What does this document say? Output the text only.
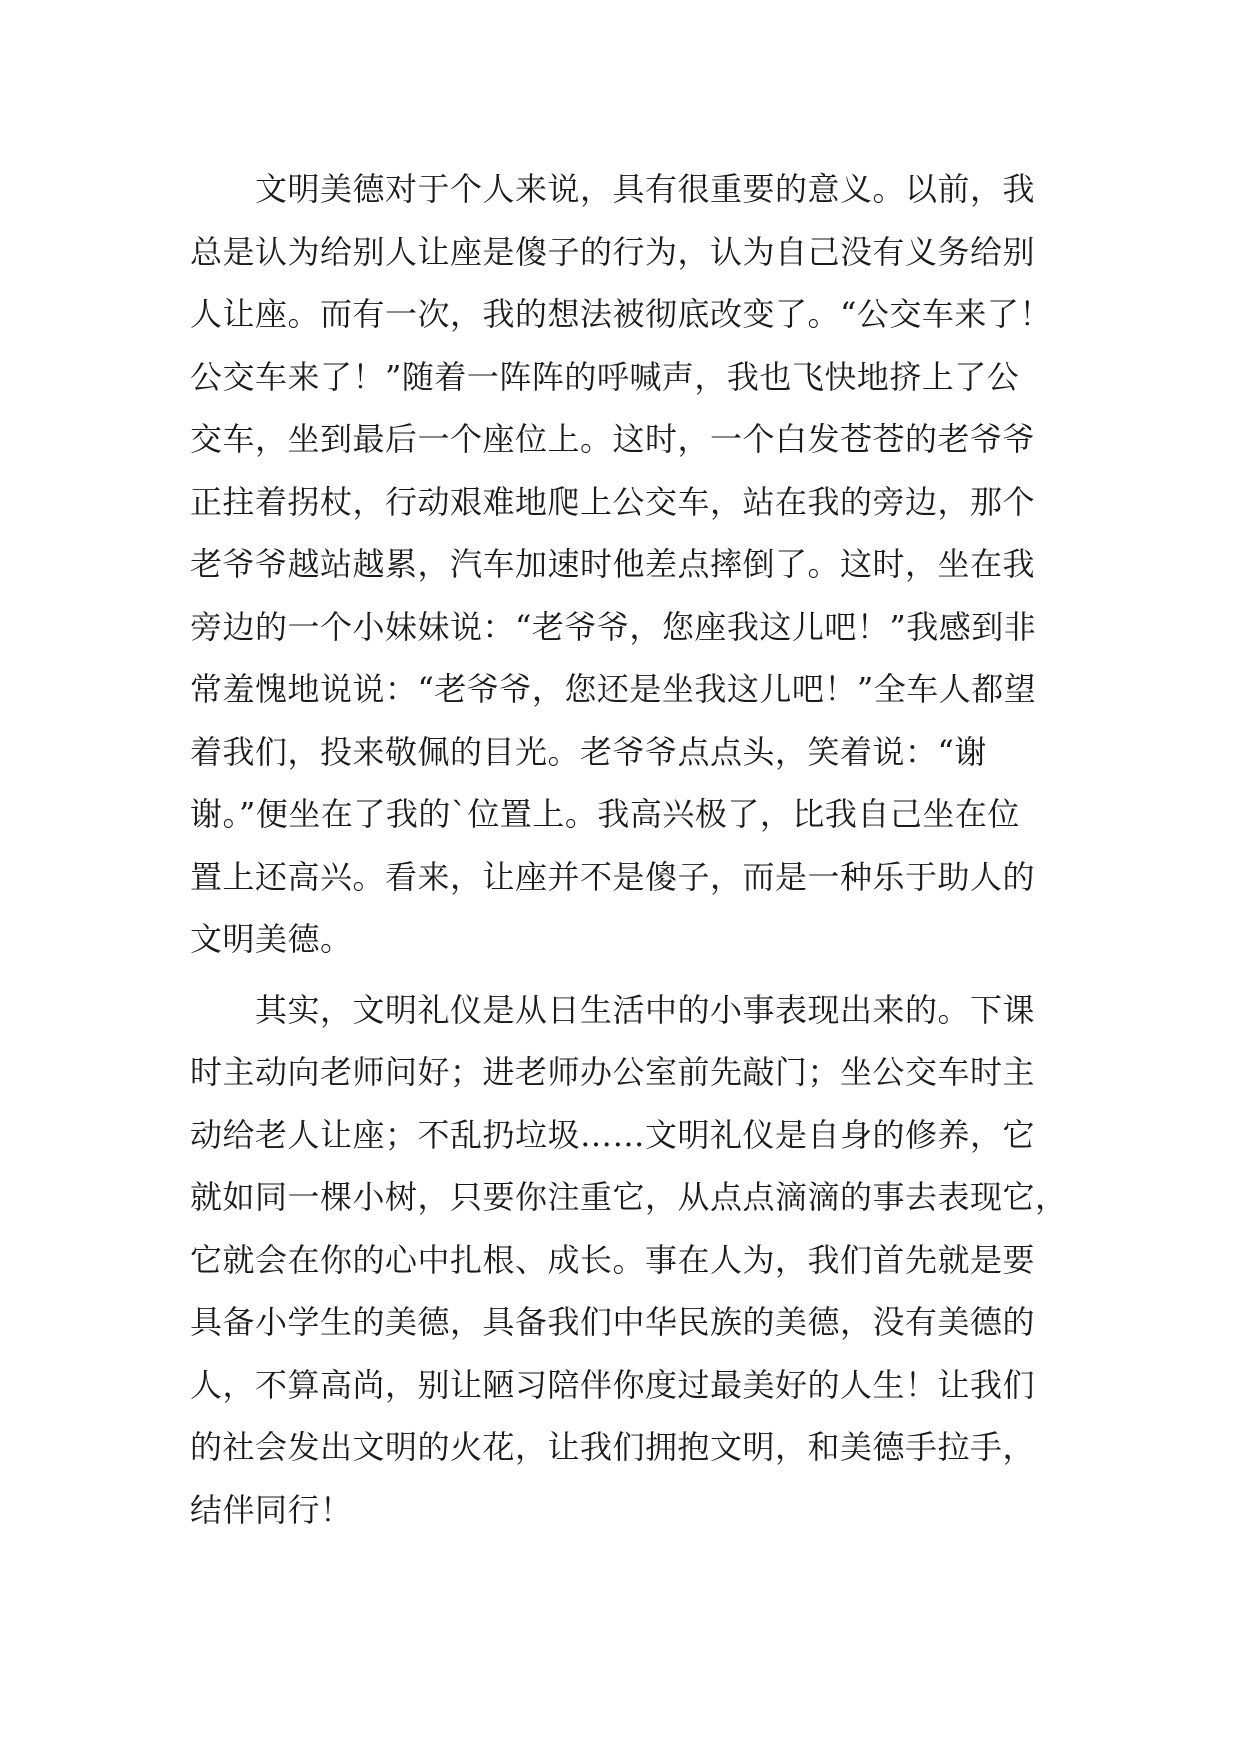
　　文明美德对于个人来说，具有很重要的意义。以前，我
总是认为给别人让座是傻子的行为，认为自己没有义务给别
人让座。而有一次，我的想法被彻底改变了。“公交车来了！
公交车来了！”随着一阵阵的呼喊声，我也飞快地挤上了公
交车，坐到最后一个座位上。这时，一个白发苍苍的老爷爷
正拄着拐杖，行动艰难地爬上公交车，站在我的旁边，那个
老爷爷越站越累，汽车加速时他差点摔倒了。这时，坐在我
旁边的一个小妹妹说：“老爷爷，您座我这儿吧！”我感到非
常羞愧地说说：“老爷爷，您还是坐我这儿吧！”全车人都望
着我们，投来敬佩的目光。老爷爷点点头，笑着说：“谢
谢。”便坐在了我的`位置上。我高兴极了，比我自己坐在位
置上还高兴。看来，让座并不是傻子，而是一种乐于助人的
文明美德。
　　其实，文明礼仪是从日生活中的小事表现出来的。下课
时主动向老师问好；进老师办公室前先敲门；坐公交车时主
动给老人让座；不乱扔垃圾……文明礼仪是自身的修养，它
就如同一棵小树，只要你注重它，从点点滴滴的事去表现它，
它就会在你的心中扎根、成长。事在人为，我们首先就是要
具备小学生的美德，具备我们中华民族的美德，没有美德的
人，不算高尚，别让陋习陪伴你度过最美好的人生！让我们
的社会发出文明的火花，让我们拥抱文明，和美德手拉手，
结伴同行！
